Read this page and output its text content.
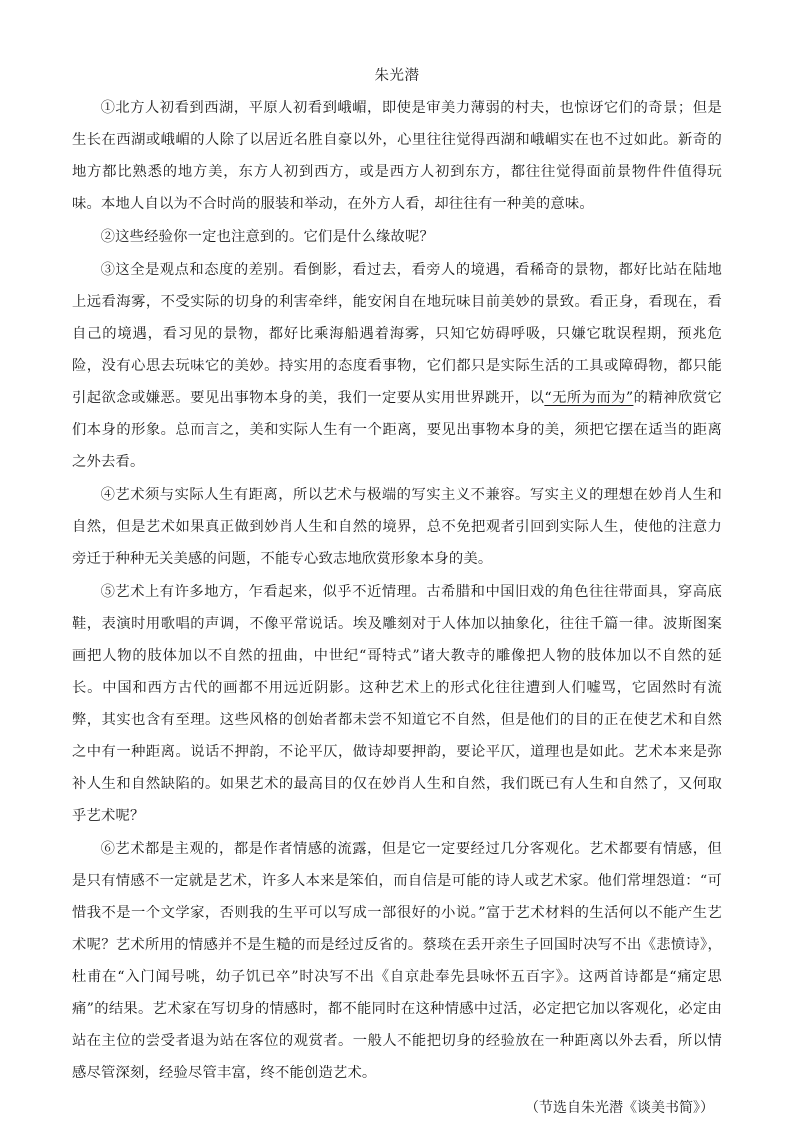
朱光潜

①北方人初看到西湖，平原人初看到峨嵋，即使是审美力薄弱的村夫，也惊讶它们的奇景；但是生长在西湖或峨嵋的人除了以居近名胜自豪以外，心里往往觉得西湖和峨嵋实在也不过如此。新奇的地方都比熟悉的地方美，东方人初到西方，或是西方人初到东方，都往往觉得面前景物件件值得玩味。本地人自以为不合时尚的服装和举动，在外方人看，却往往有一种美的意味。

②这些经验你一定也注意到的。它们是什么缘故呢？

③这全是观点和态度的差别。看倒影，看过去，看旁人的境遇，看稀奇的景物，都好比站在陆地上远看海雾，不受实际的切身的利害牵绊，能安闲自在地玩味目前美妙的景致。看正身，看现在，看自己的境遇，看习见的景物，都好比乘海船遇着海雾，只知它妨碍呼吸，只嫌它耽误程期，预兆危险，没有心思去玩味它的美妙。持实用的态度看事物，它们都只是实际生活的工具或障碍物，都只能引起欲念或嫌恶。要见出事物本身的美，我们一定要从实用世界跳开，以“无所为而为”的精神欣赏它们本身的形象。总而言之，美和实际人生有一个距离，要见出事物本身的美，须把它摆在适当的距离之外去看。

④艺术须与实际人生有距离，所以艺术与极端的写实主义不兼容。写实主义的理想在妙肖人生和自然，但是艺术如果真正做到妙肖人生和自然的境界，总不免把观者引回到实际人生，使他的注意力旁迁于种种无关美感的问题，不能专心致志地欣赏形象本身的美。

⑤艺术上有许多地方，乍看起来，似乎不近情理。古希腊和中国旧戏的角色往往带面具，穿高底鞋，表演时用歌唱的声调，不像平常说话。埃及雕刻对于人体加以抽象化，往往千篇一律。波斯图案画把人物的肢体加以不自然的扭曲，中世纪“哥特式”诸大教寺的雕像把人物的肢体加以不自然的延长。中国和西方古代的画都不用远近阴影。这种艺术上的形式化往往遭到人们嘘骂，它固然时有流弊，其实也含有至理。这些风格的创始者都未尝不知道它不自然，但是他们的目的正在使艺术和自然之中有一种距离。说话不押韵，不论平仄，做诗却要押韵，要论平仄，道理也是如此。艺术本来是弥补人生和自然缺陷的。如果艺术的最高目的仅在妙肖人生和自然，我们既已有人生和自然了，又何取乎艺术呢？

⑥艺术都是主观的，都是作者情感的流露，但是它一定要经过几分客观化。艺术都要有情感，但是只有情感不一定就是艺术，许多人本来是笨伯，而自信是可能的诗人或艺术家。他们常埋怨道：“可惜我不是一个文学家，否则我的生平可以写成一部很好的小说。”富于艺术材料的生活何以不能产生艺术呢？艺术所用的情感并不是生糙的而是经过反省的。蔡琰在丢开亲生子回国时决写不出《悲愤诗》，杜甫在“入门闻号咷，幼子饥已卒”时决写不出《自京赴奉先县咏怀五百字》。这两首诗都是“痛定思痛”的结果。艺术家在写切身的情感时，都不能同时在这种情感中过活，必定把它加以客观化，必定由站在主位的尝受者退为站在客位的观赏者。一般人不能把切身的经验放在一种距离以外去看，所以情感尽管深刻，经验尽管丰富，终不能创造艺术。

（节选自朱光潜《谈美书简》）
